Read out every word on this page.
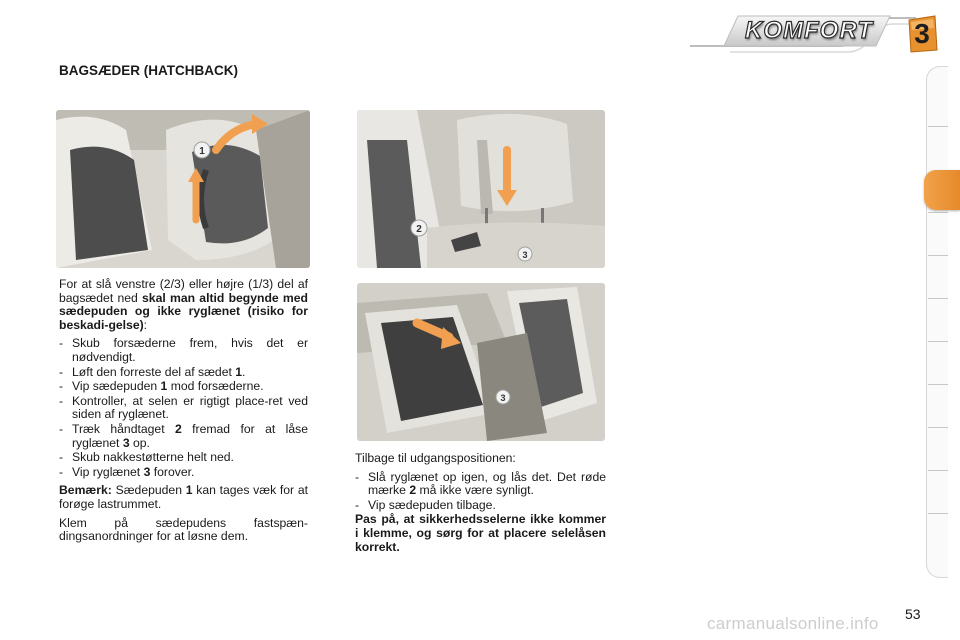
KOMFORT	3
BAGSÆDER (HATCHBACK)
1
2
3
3

For at slå venstre (2/3) eller højre (1/3) del af bagsædet ned skal man altid begynde med sædepuden og ikke ryglænet (risiko for beskadi-gelse):

- Skub forsæderne frem, hvis det er nødvendigt.
- Løft den forreste del af sædet 1.
- Vip sædepuden 1 mod forsæderne.
- Kontroller, at selen er rigtigt place-ret ved siden af ryglænet.
- Træk håndtaget 2 fremad for at låse ryglænet 3 op.
- Skub nakkestøtterne helt ned.
- Vip ryglænet 3 forover.

Bemærk: Sædepuden 1 kan tages væk for at forøge lastrummet.

Klem på sædepudens fastspæn-dingsanordninger for at løsne dem.

Tilbage til udgangspositionen:

- Slå ryglænet op igen, og lås det. Det røde mærke 2 må ikke være synligt.
- Vip sædepuden tilbage.

Pas på, at sikkerhedsselerne ikke kommer i klemme, og sørg for at placere selelåsen korrekt.

53
carmanualsonline.info
